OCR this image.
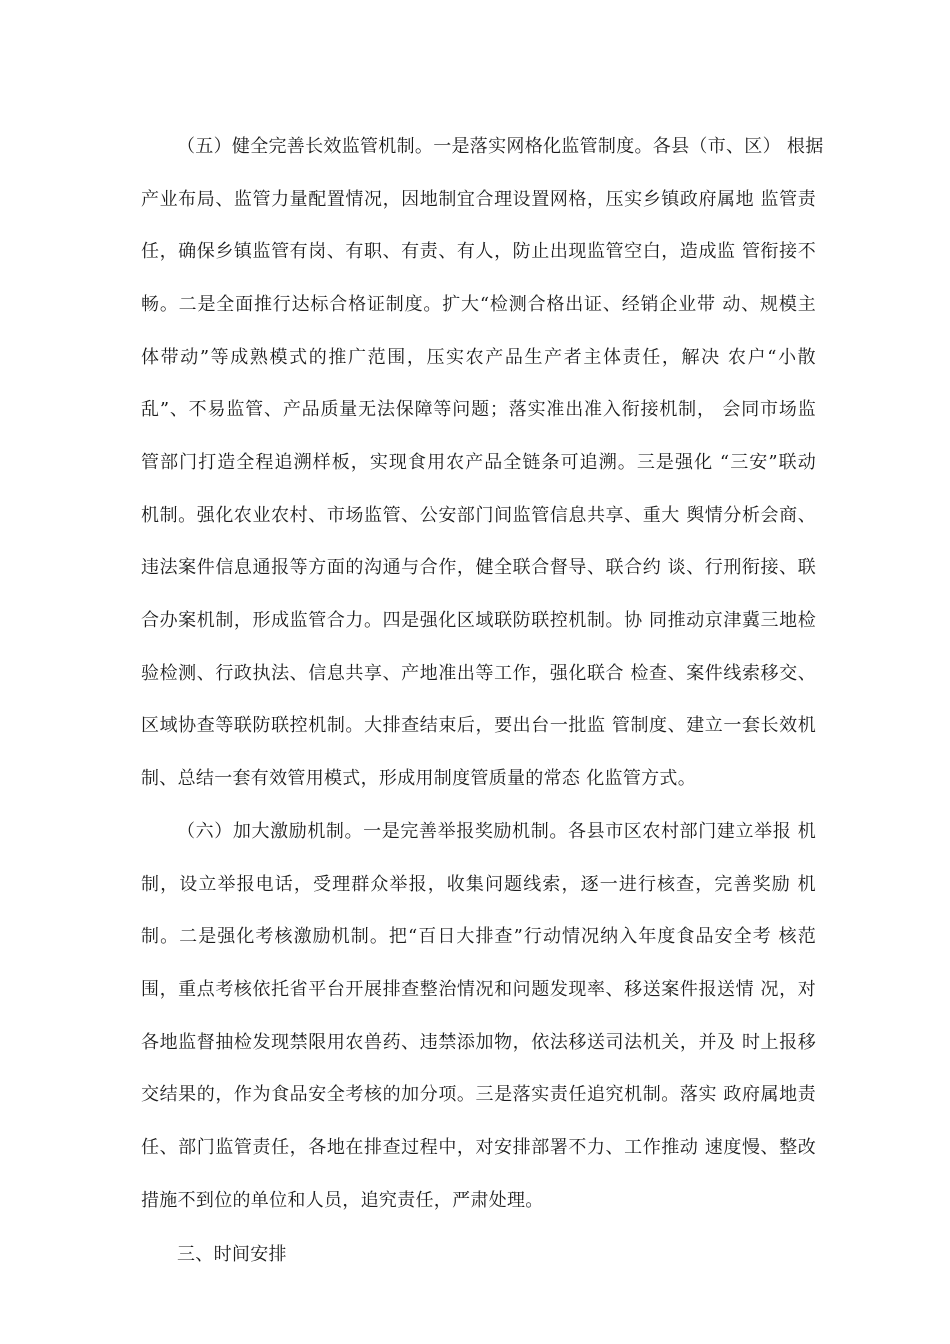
（五）健全完善长效监管机制。一是落实网格化监管制度。各县（市、区） 根据
产业布局、监管力量配置情况，因地制宜合理设置网格，压实乡镇政府属地 监管责
任，确保乡镇监管有岗、有职、有责、有人，防止出现监管空白，造成监 管衔接不
畅。二是全面推行达标合格证制度。扩大“检测合格出证、经销企业带 动、规模主
体带动”等成熟模式的推广范围，压实农产品生产者主体责任，解决 农户“小散
乱”、不易监管、产品质量无法保障等问题；落实准出准入衔接机制， 会同市场监
管部门打造全程追溯样板，实现食用农产品全链条可追溯。三是强化 “三安”联动
机制。强化农业农村、市场监管、公安部门间监管信息共享、重大 舆情分析会商、
违法案件信息通报等方面的沟通与合作，健全联合督导、联合约 谈、行刑衔接、联
合办案机制，形成监管合力。四是强化区域联防联控机制。协 同推动京津冀三地检
验检测、行政执法、信息共享、产地准出等工作，强化联合 检查、案件线索移交、
区域协查等联防联控机制。大排查结束后，要出台一批监 管制度、建立一套长效机
制、总结一套有效管用模式，形成用制度管质量的常态 化监管方式。
（六）加大激励机制。一是完善举报奖励机制。各县市区农村部门建立举报 机
制，设立举报电话，受理群众举报，收集问题线索，逐一进行核查，完善奖励 机
制。二是强化考核激励机制。把“百日大排查”行动情况纳入年度食品安全考 核范
围，重点考核依托省平台开展排查整治情况和问题发现率、移送案件报送情 况，对
各地监督抽检发现禁限用农兽药、违禁添加物，依法移送司法机关，并及 时上报移
交结果的，作为食品安全考核的加分项。三是落实责任追究机制。落实 政府属地责
任、部门监管责任，各地在排查过程中，对安排部署不力、工作推动 速度慢、整改
措施不到位的单位和人员，追究责任，严肃处理。
三、时间安排
